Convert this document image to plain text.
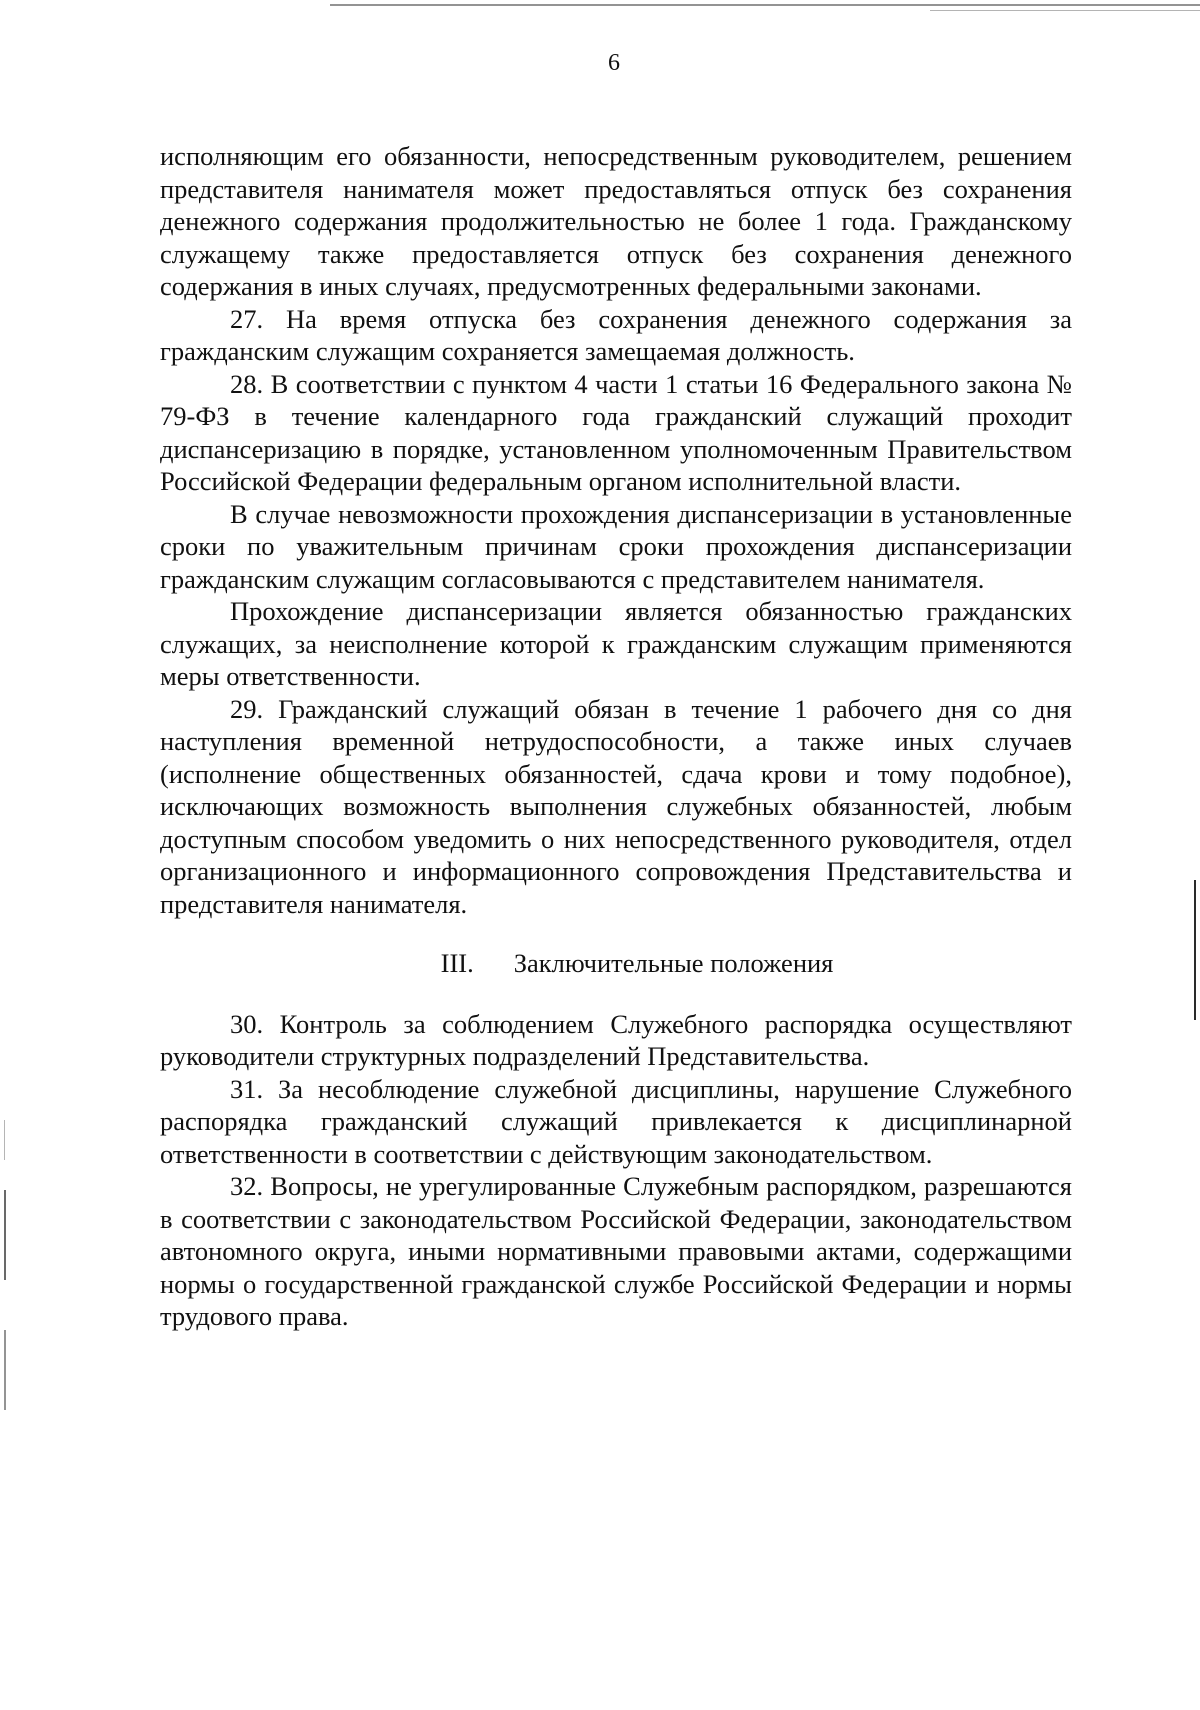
6

исполняющим его обязанности, непосредственным руководителем, решением представителя нанимателя может предоставляться отпуск без сохранения денежного содержания продолжительностью не более 1 года. Гражданскому служащему также предоставляется отпуск без сохранения денежного содержания в иных случаях, предусмотренных федеральными законами.

27. На время отпуска без сохранения денежного содержания за гражданским служащим сохраняется замещаемая должность.

28. В соответствии с пунктом 4 части 1 статьи 16 Федерального закона № 79-ФЗ в течение календарного года гражданский служащий проходит диспансеризацию в порядке, установленном уполномоченным Правительством Российской Федерации федеральным органом исполнительной власти.

В случае невозможности прохождения диспансеризации в установленные сроки по уважительным причинам сроки прохождения диспансеризации гражданским служащим согласовываются с представителем нанимателя.

Прохождение диспансеризации является обязанностью гражданских служащих, за неисполнение которой к гражданским служащим применяются меры ответственности.

29. Гражданский служащий обязан в течение 1 рабочего дня со дня наступления временной нетрудоспособности, а также иных случаев (исполнение общественных обязанностей, сдача крови и тому подобное), исключающих возможность выполнения служебных обязанностей, любым доступным способом уведомить о них непосредственного руководителя, отдел организационного и информационного сопровождения Представительства и представителя нанимателя.

III. Заключительные положения

30. Контроль за соблюдением Служебного распорядка осуществляют руководители структурных подразделений Представительства.

31. За несоблюдение служебной дисциплины, нарушение Служебного распорядка гражданский служащий привлекается к дисциплинарной ответственности в соответствии с действующим законодательством.

32. Вопросы, не урегулированные Служебным распорядком, разрешаются в соответствии с законодательством Российской Федерации, законодательством автономного округа, иными нормативными правовыми актами, содержащими нормы о государственной гражданской службе Российской Федерации и нормы трудового права.
